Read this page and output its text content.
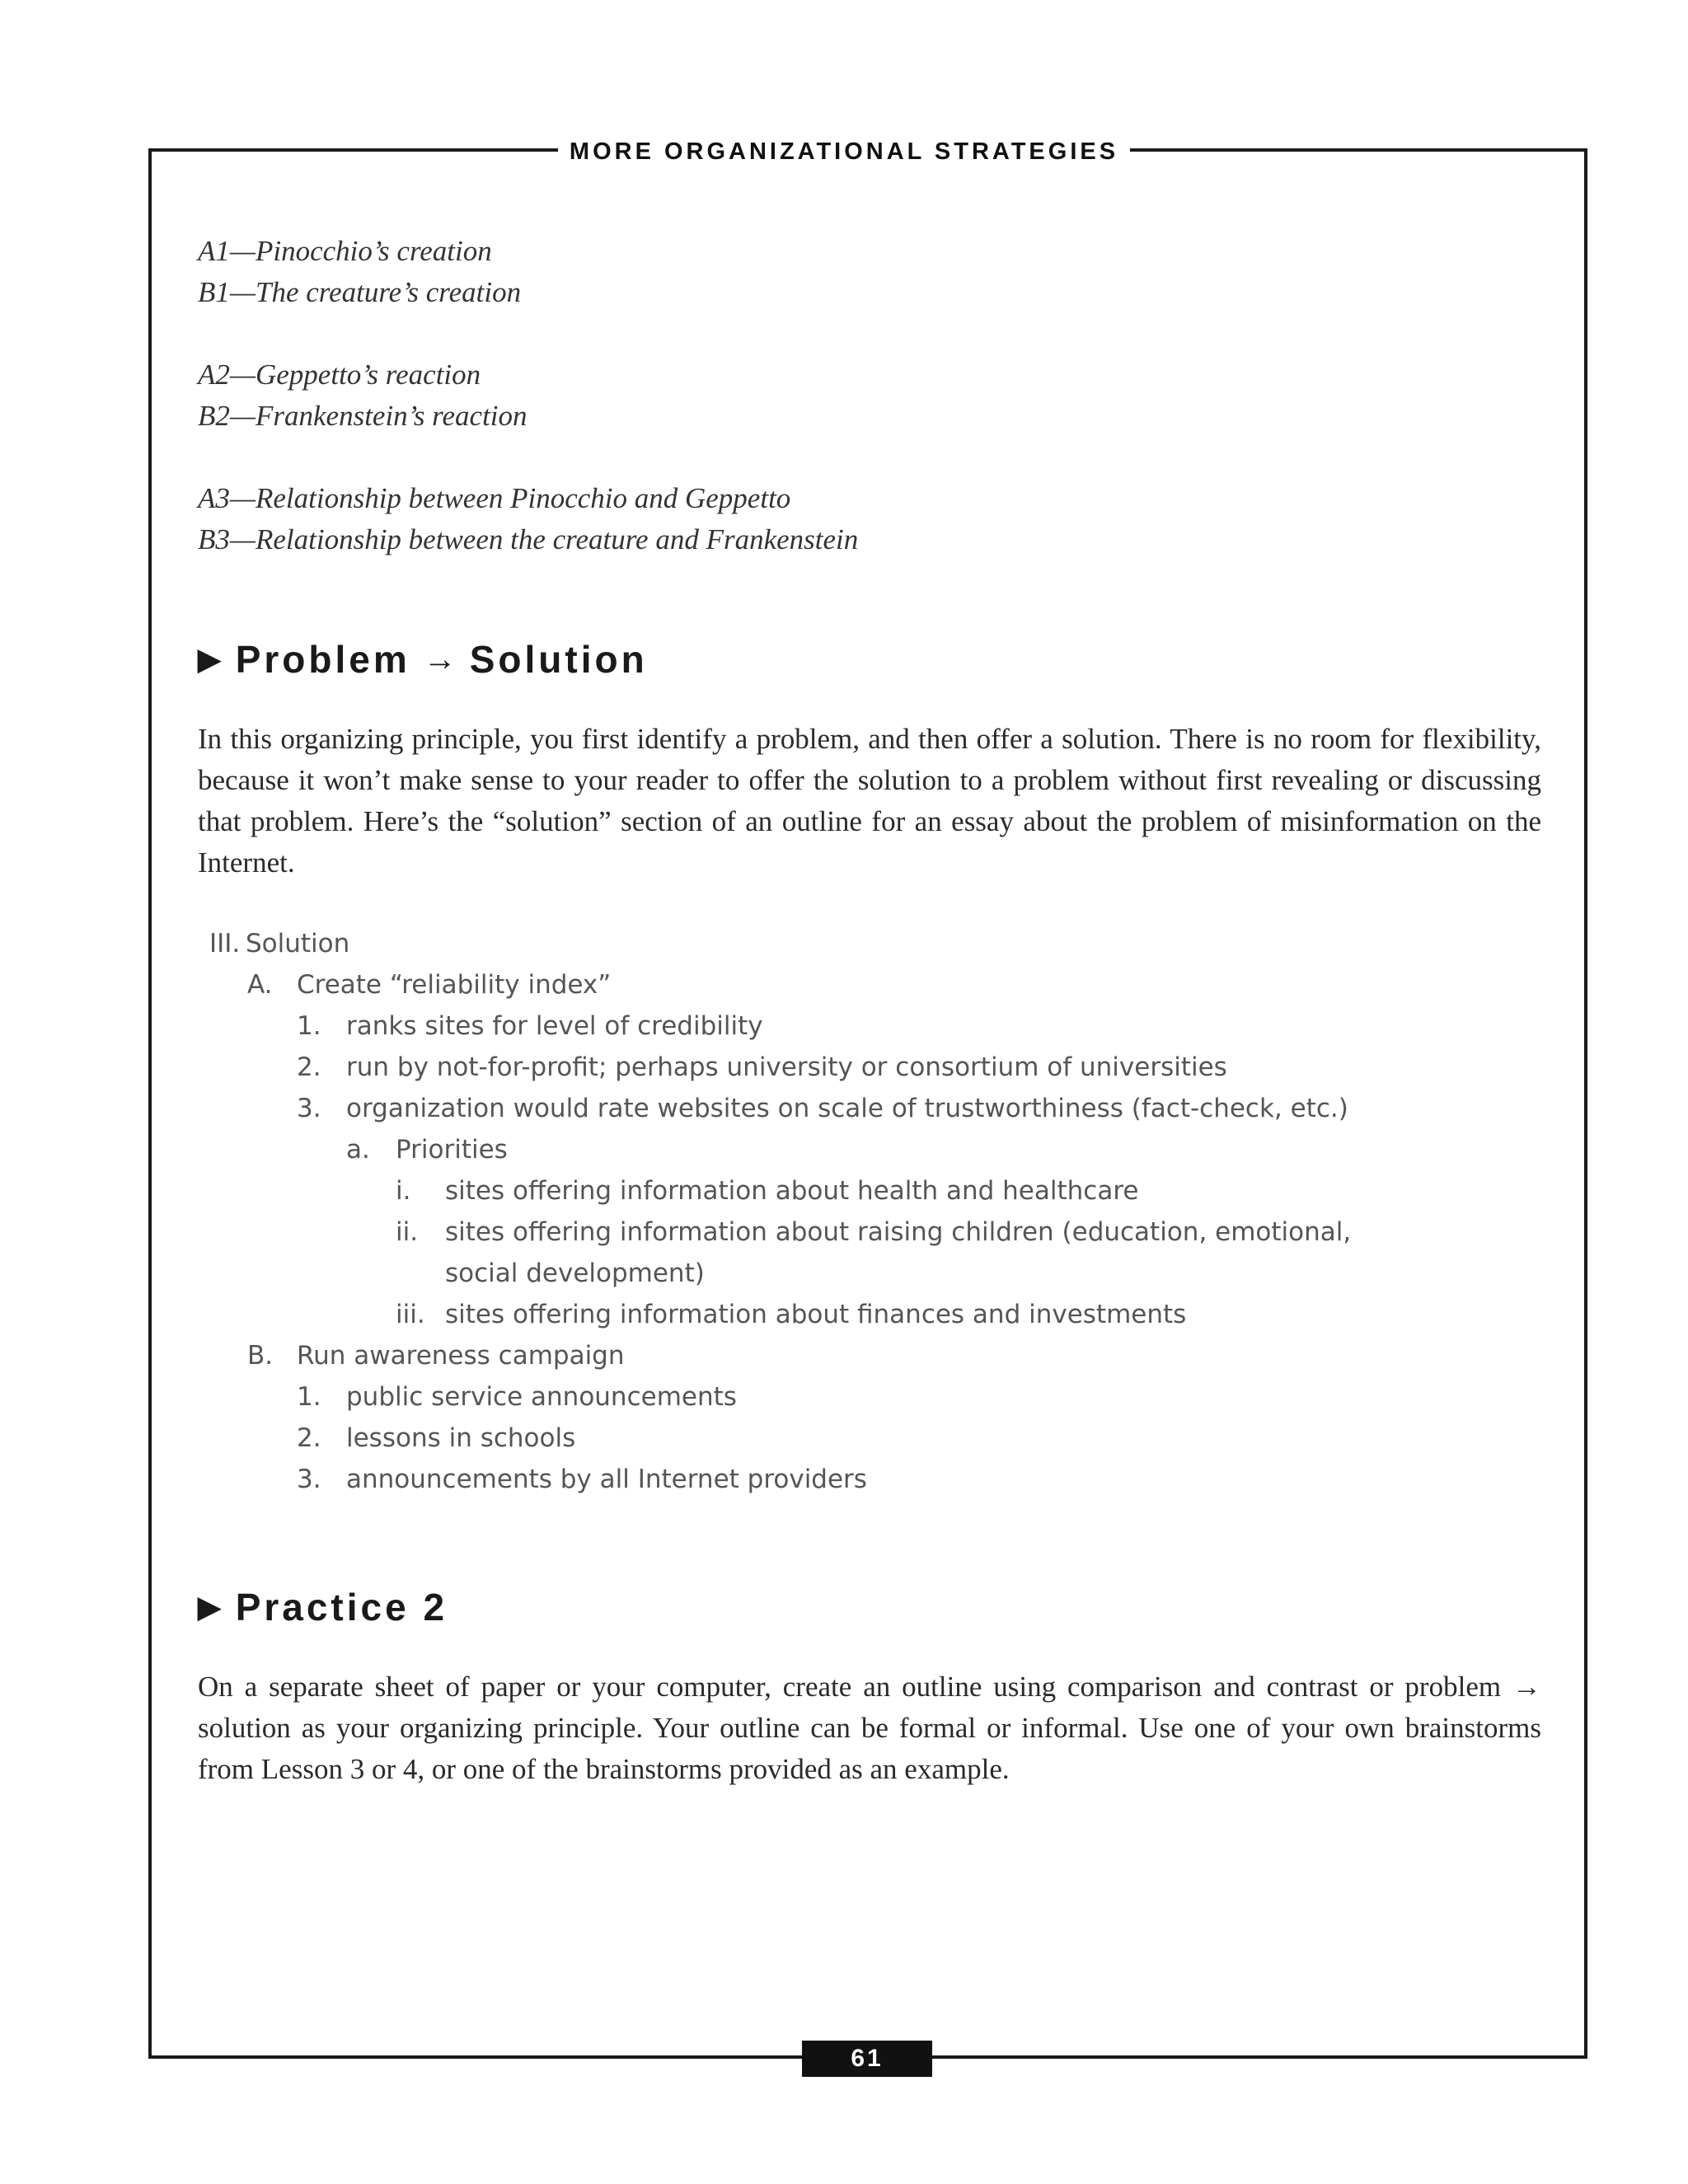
MORE ORGANIZATIONAL STRATEGIES
A1—Pinocchio’s creation
B1—The creature’s creation
A2—Geppetto’s reaction
B2—Frankenstein’s reaction
A3—Relationship between Pinocchio and Geppetto
B3—Relationship between the creature and Frankenstein
▶ Problem → Solution
In this organizing principle, you first identify a problem, and then offer a solution. There is no room for flexibility, because it won’t make sense to your reader to offer the solution to a problem without first revealing or discussing that problem. Here’s the “solution” section of an outline for an essay about the problem of misinformation on the Internet.
III. Solution
A. Create “reliability index”
1. ranks sites for level of credibility
2. run by not-for-profit; perhaps university or consortium of universities
3. organization would rate websites on scale of trustworthiness (fact-check, etc.)
a.	Priorities
i.	sites offering information about health and healthcare
ii.	sites offering information about raising children (education, emotional, social development)
iii. sites offering information about finances and investments
B. Run awareness campaign
1. public service announcements
2. lessons in schools
3. announcements by all Internet providers
▶ Practice 2
On a separate sheet of paper or your computer, create an outline using comparison and contrast or problem → solution as your organizing principle. Your outline can be formal or informal. Use one of your own brainstorms from Lesson 3 or 4, or one of the brainstorms provided as an example.
61
